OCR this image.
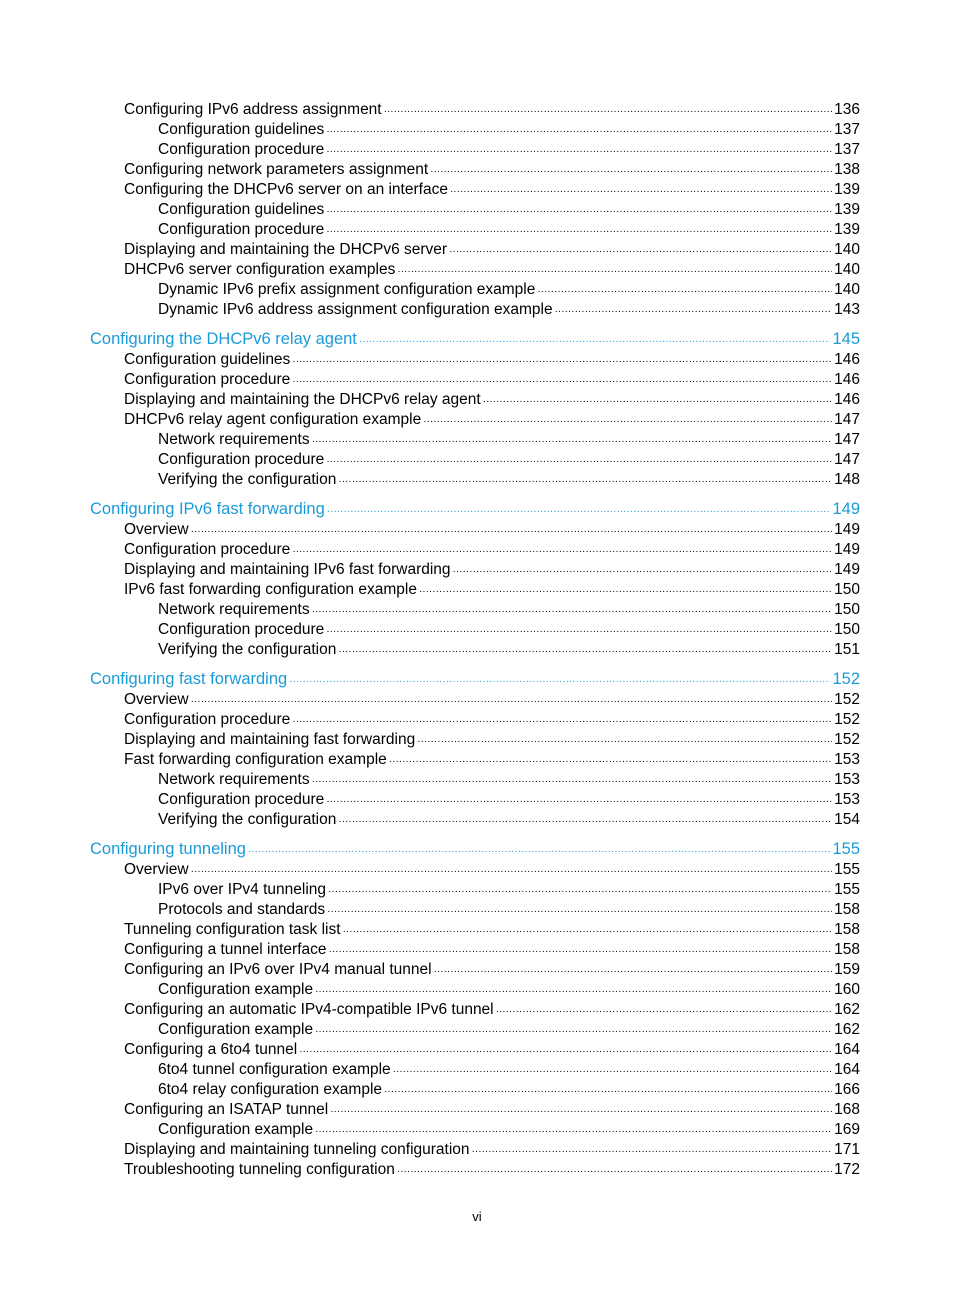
Configuring IPv6 address assignment ·····	136
Configuration guidelines ·····	137
Configuration procedure ·····	137
Configuring network parameters assignment ·····	138
Configuring the DHCPv6 server on an interface ·····	139
Configuration guidelines ·····	139
Configuration procedure ·····	139
Displaying and maintaining the DHCPv6 server ·····	140
DHCPv6 server configuration examples ·····	140
Dynamic IPv6 prefix assignment configuration example ·····	140
Dynamic IPv6 address assignment configuration example ·····	143
Configuring the DHCPv6 relay agent ·····	145
Configuration guidelines ·····	146
Configuration procedure ·····	146
Displaying and maintaining the DHCPv6 relay agent ·····	146
DHCPv6 relay agent configuration example ·····	147
Network requirements ·····	147
Configuration procedure ·····	147
Verifying the configuration ·····	148
Configuring IPv6 fast forwarding ·····	149
Overview ·····	149
Configuration procedure ·····	149
Displaying and maintaining IPv6 fast forwarding ·····	149
IPv6 fast forwarding configuration example ·····	150
Network requirements ·····	150
Configuration procedure ·····	150
Verifying the configuration ·····	151
Configuring fast forwarding ·····	152
Overview ·····	152
Configuration procedure ·····	152
Displaying and maintaining fast forwarding ·····	152
Fast forwarding configuration example ·····	153
Network requirements ·····	153
Configuration procedure ·····	153
Verifying the configuration ·····	154
Configuring tunneling ·····	155
Overview ·····	155
IPv6 over IPv4 tunneling ·····	155
Protocols and standards ·····	158
Tunneling configuration task list ·····	158
Configuring a tunnel interface ·····	158
Configuring an IPv6 over IPv4 manual tunnel ·····	159
Configuration example ·····	160
Configuring an automatic IPv4-compatible IPv6 tunnel ·····	162
Configuration example ·····	162
Configuring a 6to4 tunnel ·····	164
6to4 tunnel configuration example ·····	164
6to4 relay configuration example ·····	166
Configuring an ISATAP tunnel ·····	168
Configuration example ·····	169
Displaying and maintaining tunneling configuration ·····	171
Troubleshooting tunneling configuration ·····	172
vi
